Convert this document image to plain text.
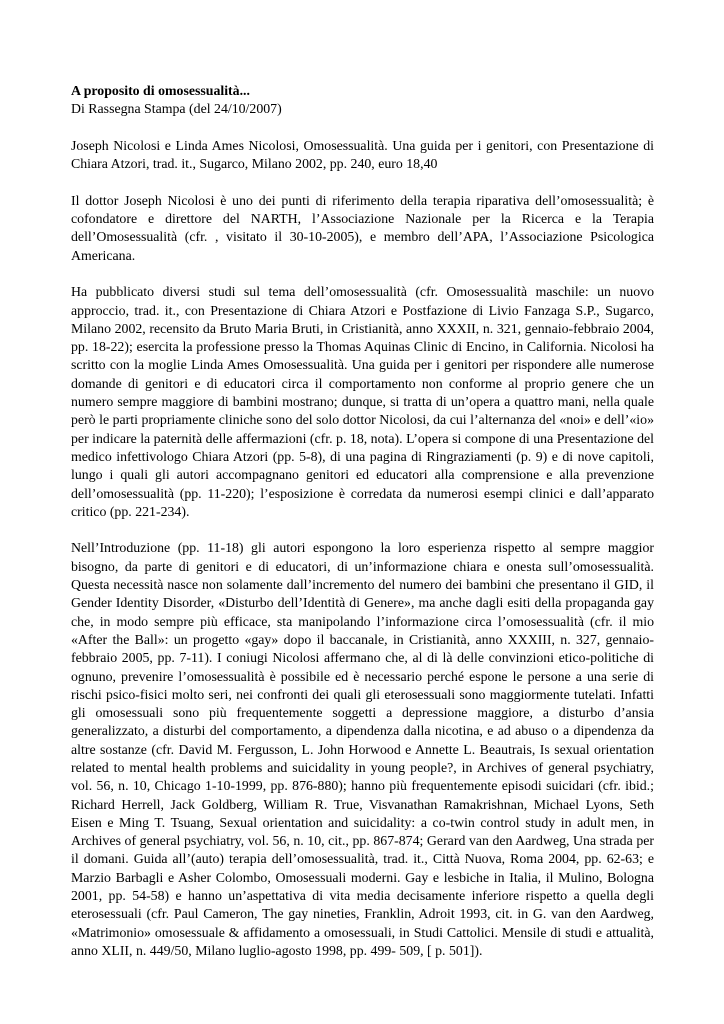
A proposito di omosessualità...

Di Rassegna Stampa (del 24/10/2007)

Joseph Nicolosi e Linda Ames Nicolosi, Omosessualità. Una guida per i genitori, con Presentazione di Chiara Atzori, trad. it., Sugarco, Milano 2002, pp. 240, euro 18,40

Il dottor Joseph Nicolosi è uno dei punti di riferimento della terapia riparativa dell’omosessualità; è cofondatore e direttore del NARTH, l’Associazione Nazionale per la Ricerca e la Terapia dell’Omosessualità (cfr. , visitato il 30-10-2005), e membro dell’APA, l’Associazione Psicologica Americana.

Ha pubblicato diversi studi sul tema dell’omosessualità (cfr. Omosessualità maschile: un nuovo approccio, trad. it., con Presentazione di Chiara Atzori e Postfazione di Livio Fanzaga S.P., Sugarco, Milano 2002, recensito da Bruto Maria Bruti, in Cristianità, anno XXXII, n. 321, gennaio-febbraio 2004, pp. 18-22); esercita la professione presso la Thomas Aquinas Clinic di Encino, in California. Nicolosi ha scritto con la moglie Linda Ames Omosessualità. Una guida per i genitori per rispondere alle numerose domande di genitori e di educatori circa il comportamento non conforme al proprio genere che un numero sempre maggiore di bambini mostrano; dunque, si tratta di un’opera a quattro mani, nella quale però le parti propriamente cliniche sono del solo dottor Nicolosi, da cui l’alternanza del «noi» e dell’«io» per indicare la paternità delle affermazioni (cfr. p. 18, nota). L’opera si compone di una Presentazione del medico infettivologo Chiara Atzori (pp. 5-8), di una pagina di Ringraziamenti (p. 9) e di nove capitoli, lungo i quali gli autori accompagnano genitori ed educatori alla comprensione e alla prevenzione dell’omosessualità (pp. 11-220); l’esposizione è corredata da numerosi esempi clinici e dall’apparato critico (pp. 221-234).

Nell’Introduzione (pp. 11-18) gli autori espongono la loro esperienza rispetto al sempre maggior bisogno, da parte di genitori e di educatori, di un’informazione chiara e onesta sull’omosessualità. Questa necessità nasce non solamente dall’incremento del numero dei bambini che presentano il GID, il Gender Identity Disorder, «Disturbo dell’Identità di Genere», ma anche dagli esiti della propaganda gay che, in modo sempre più efficace, sta manipolando l’informazione circa l’omosessualità (cfr. il mio «After the Ball»: un progetto «gay» dopo il baccanale, in Cristianità, anno XXXIII, n. 327, gennaio-febbraio 2005, pp. 7-11). I coniugi Nicolosi affermano che, al di là delle convinzioni etico-politiche di ognuno, prevenire l’omosessualità è possibile ed è necessario perché espone le persone a una serie di rischi psico-fisici molto seri, nei confronti dei quali gli eterosessuali sono maggiormente tutelati. Infatti gli omosessuali sono più frequentemente soggetti a depressione maggiore, a disturbo d’ansia generalizzato, a disturbi del comportamento, a dipendenza dalla nicotina, e ad abuso o a dipendenza da altre sostanze (cfr. David M. Fergusson, L. John Horwood e Annette L. Beautrais, Is sexual orientation related to mental health problems and suicidality in young people?, in Archives of general psychiatry, vol. 56, n. 10, Chicago 1-10-1999, pp. 876-880); hanno più frequentemente episodi suicidari (cfr. ibid.; Richard Herrell, Jack Goldberg, William R. True, Visvanathan Ramakrishnan, Michael Lyons, Seth Eisen e Ming T. Tsuang, Sexual orientation and suicidality: a co-twin control study in adult men, in Archives of general psychiatry, vol. 56, n. 10, cit., pp. 867-874; Gerard van den Aardweg, Una strada per il domani. Guida all’(auto) terapia dell’omosessualità, trad. it., Città Nuova, Roma 2004, pp. 62-63; e Marzio Barbagli e Asher Colombo, Omosessuali moderni. Gay e lesbiche in Italia, il Mulino, Bologna 2001, pp. 54-58) e hanno un’aspettativa di vita media decisamente inferiore rispetto a quella degli eterosessuali (cfr. Paul Cameron, The gay nineties, Franklin, Adroit 1993, cit. in G. van den Aardweg, «Matrimonio» omosessuale & affidamento a omosessuali, in Studi Cattolici. Mensile di studi e attualità, anno XLII, n. 449/50, Milano luglio-agosto 1998, pp. 499- 509, [ p. 501]).
